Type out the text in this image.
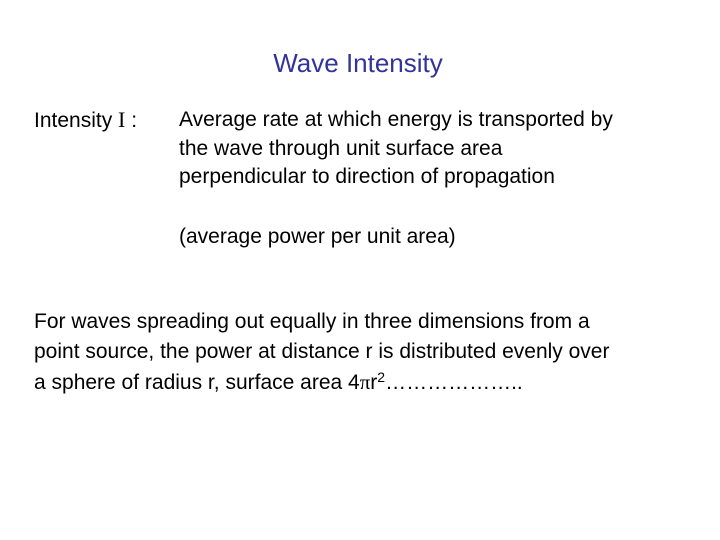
Wave Intensity
Intensity I : Average rate at which energy is transported by
the wave through unit surface area
perpendicular to direction of propagation
(average power per unit area)
For waves spreading out equally in three dimensions from a
point source, the power at distance r is distributed evenly over
a sphere of radius r, surface area $4\pi r^2\dots\dots\dots\dots\dots\dots$..
